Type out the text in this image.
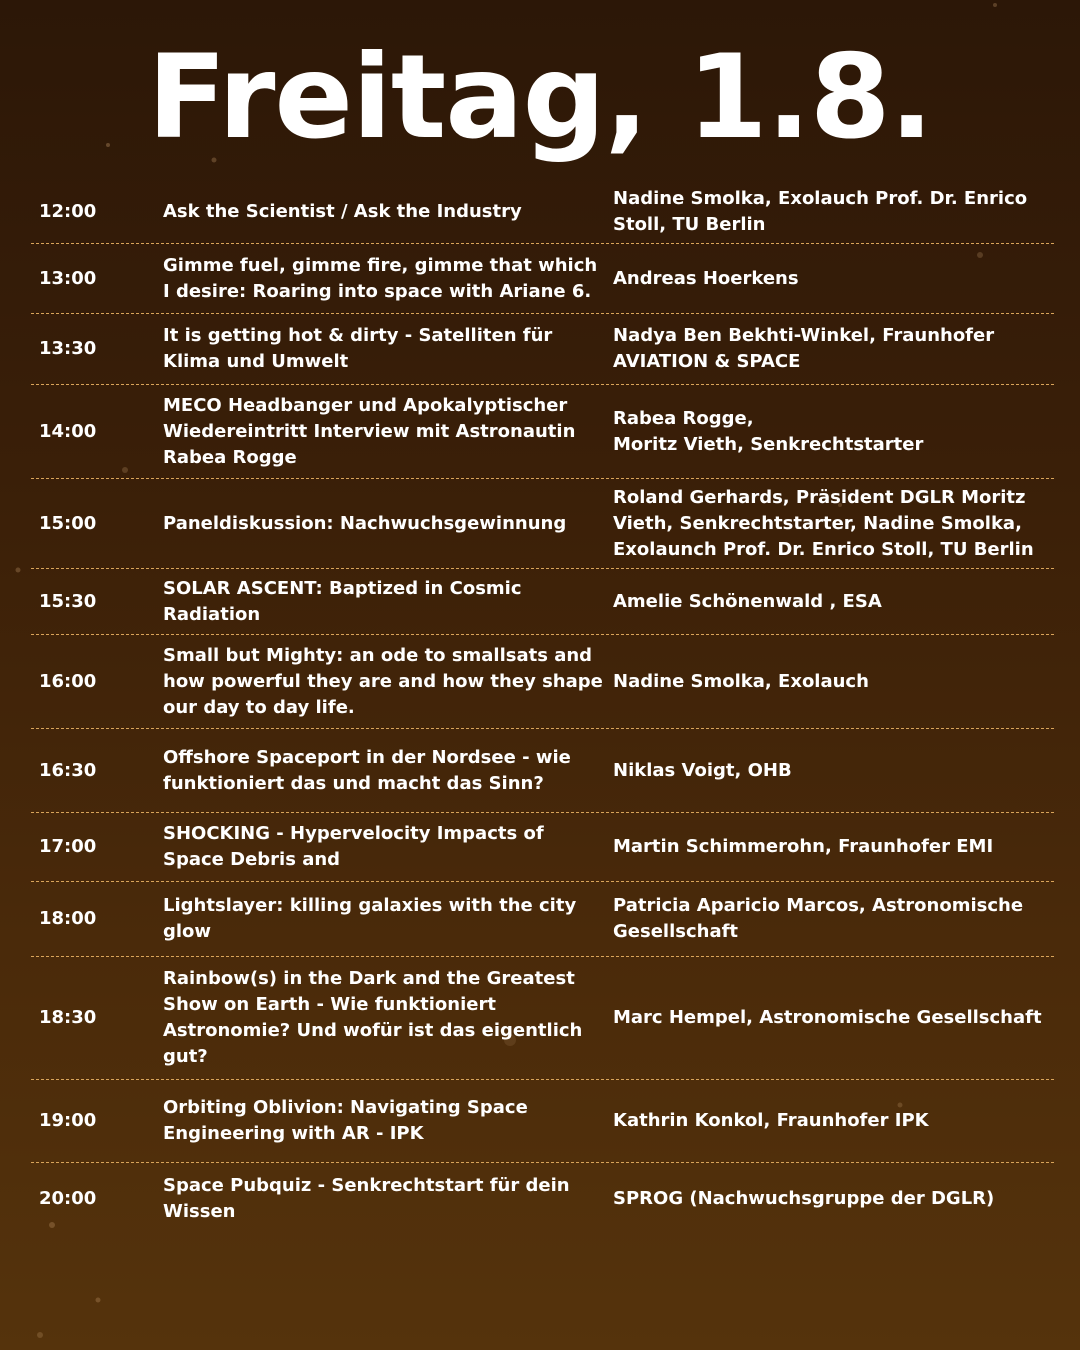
Freitag, 1.8.
12:00	Ask the Scientist / Ask the Industry
Nadine Smolka, Exolauch Prof. Dr. Enrico Stoll, TU Berlin
13:00
Gimme fuel, gimme fire, gimme that which I desire: Roaring into space with Ariane 6.
Andreas Hoerkens
13:30
It is getting hot & dirty - Satelliten für Klima und Umwelt
Nadya Ben Bekhti-Winkel, Fraunhofer AVIATION & SPACE
14:00
MECO Headbanger und Apokalyptischer Wiedereintritt Interview mit Astronautin Rabea Rogge
Rabea Rogge,
Moritz Vieth, Senkrechtstarter
15:00	Paneldiskussion: Nachwuchsgewinnung
Roland Gerhards, Präsident DGLR Moritz Vieth, Senkrechtstarter, Nadine Smolka, Exolaunch Prof. Dr. Enrico Stoll, TU Berlin
15:30
SOLAR ASCENT: Baptized in Cosmic Radiation
Amelie Schönenwald , ESA
16:00
Small but Mighty: an ode to smallsats and how powerful they are and how they shape our day to day life.
Nadine Smolka, Exolauch
16:30
Offshore Spaceport in der Nordsee - wie funktioniert das und macht das Sinn?
Niklas Voigt, OHB
17:00
SHOCKING - Hypervelocity Impacts of Space Debris and
Martin Schimmerohn, Fraunhofer EMI
18:00
Lightslayer: killing galaxies with the city glow
Patricia Aparicio Marcos, Astronomische Gesellschaft
18:30
Rainbow(s) in the Dark and the Greatest Show on Earth - Wie funktioniert Astronomie? Und wofür ist das eigentlich gut?
Marc Hempel, Astronomische Gesellschaft
19:00
Orbiting Oblivion: Navigating Space Engineering with AR - IPK
Kathrin Konkol, Fraunhofer IPK
20:00
Space Pubquiz - Senkrechtstart für dein Wissen
SPROG (Nachwuchsgruppe der DGLR)
